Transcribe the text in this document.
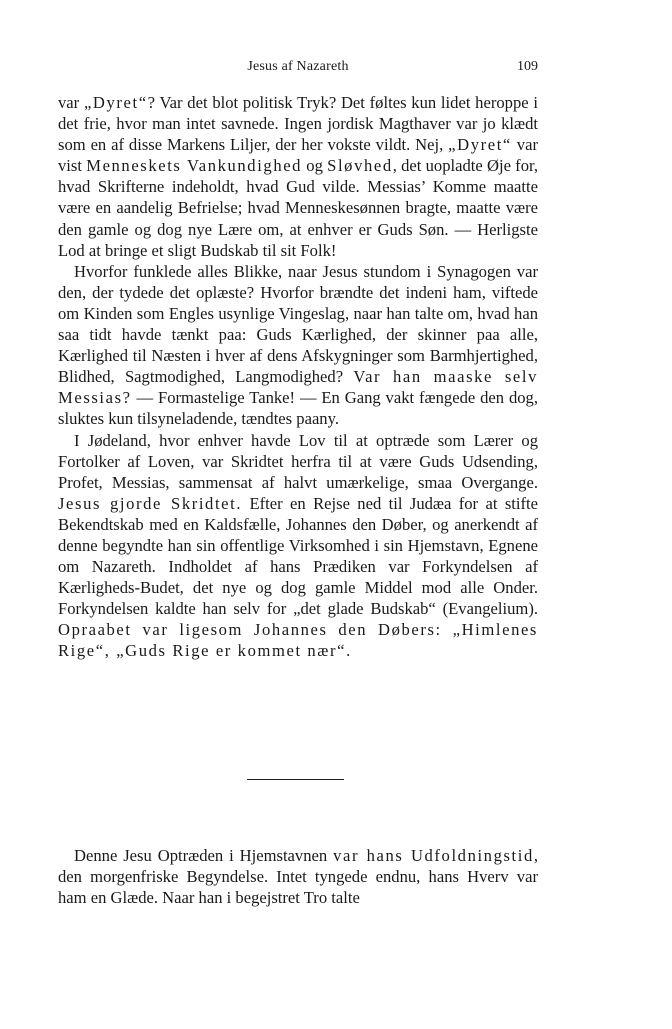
Jesus af Nazareth	109

var „Dyret“? Var det blot politisk Tryk? Det føltes kun lidet heroppe i det frie, hvor man intet savnede. Ingen jordisk Magthaver var jo klædt som en af disse Markens Liljer, der her vokste vildt. Nej, „Dyret“ var vist Menneskets Vankundighed og Sløvhed, det uopladte Øje for, hvad Skrifterne indeholdt, hvad Gud vilde. Messias’ Komme maatte være en aandelig Befrielse; hvad Menneskesønnen bragte, maatte være den gamle og dog nye Lære om, at enhver er Guds Søn. — Herligste Lod at bringe et sligt Budskab til sit Folk!

Hvorfor funklede alles Blikke, naar Jesus stundom i Synagogen var den, der tydede det oplæste? Hvorfor brændte det indeni ham, viftede om Kinden som Engles usynlige Vingeslag, naar han talte om, hvad han saa tidt havde tænkt paa: Guds Kærlighed, der skinner paa alle, Kærlighed til Næsten i hver af dens Afskygninger som Barmhjertighed, Blidhed, Sagtmodighed, Langmodighed? Var han maaske selv Messias? — Formastelige Tanke! — En Gang vakt fængede den dog, sluktes kun tilsyneladende, tændtes paany.

I Jødeland, hvor enhver havde Lov til at optræde som Lærer og Fortolker af Loven, var Skridtet herfra til at være Guds Udsending, Profet, Messias, sammensat af halvt umærkelige, smaa Overgange. Jesus gjorde Skridtet. Efter en Rejse ned til Judæa for at stifte Bekendtskab med en Kaldsfælle, Johannes den Døber, og anerkendt af denne begyndte han sin offentlige Virksomhed i sin Hjemstavn, Egnene om Nazareth. Indholdet af hans Prædiken var Forkyndelsen af Kærligheds-Budet, det nye og dog gamle Middel mod alle Onder. Forkyndelsen kaldte han selv for „det glade Budskab“ (Evangelium). Opraabet var ligesom Johannes den Døbers: „Himlenes Rige“, „Guds Rige er kommet nær“.

Denne Jesu Optræden i Hjemstavnen var hans Udfoldningstid, den morgenfriske Begyndelse. Intet tyngede endnu, hans Hverv var ham en Glæde. Naar han i begejstret Tro talte
